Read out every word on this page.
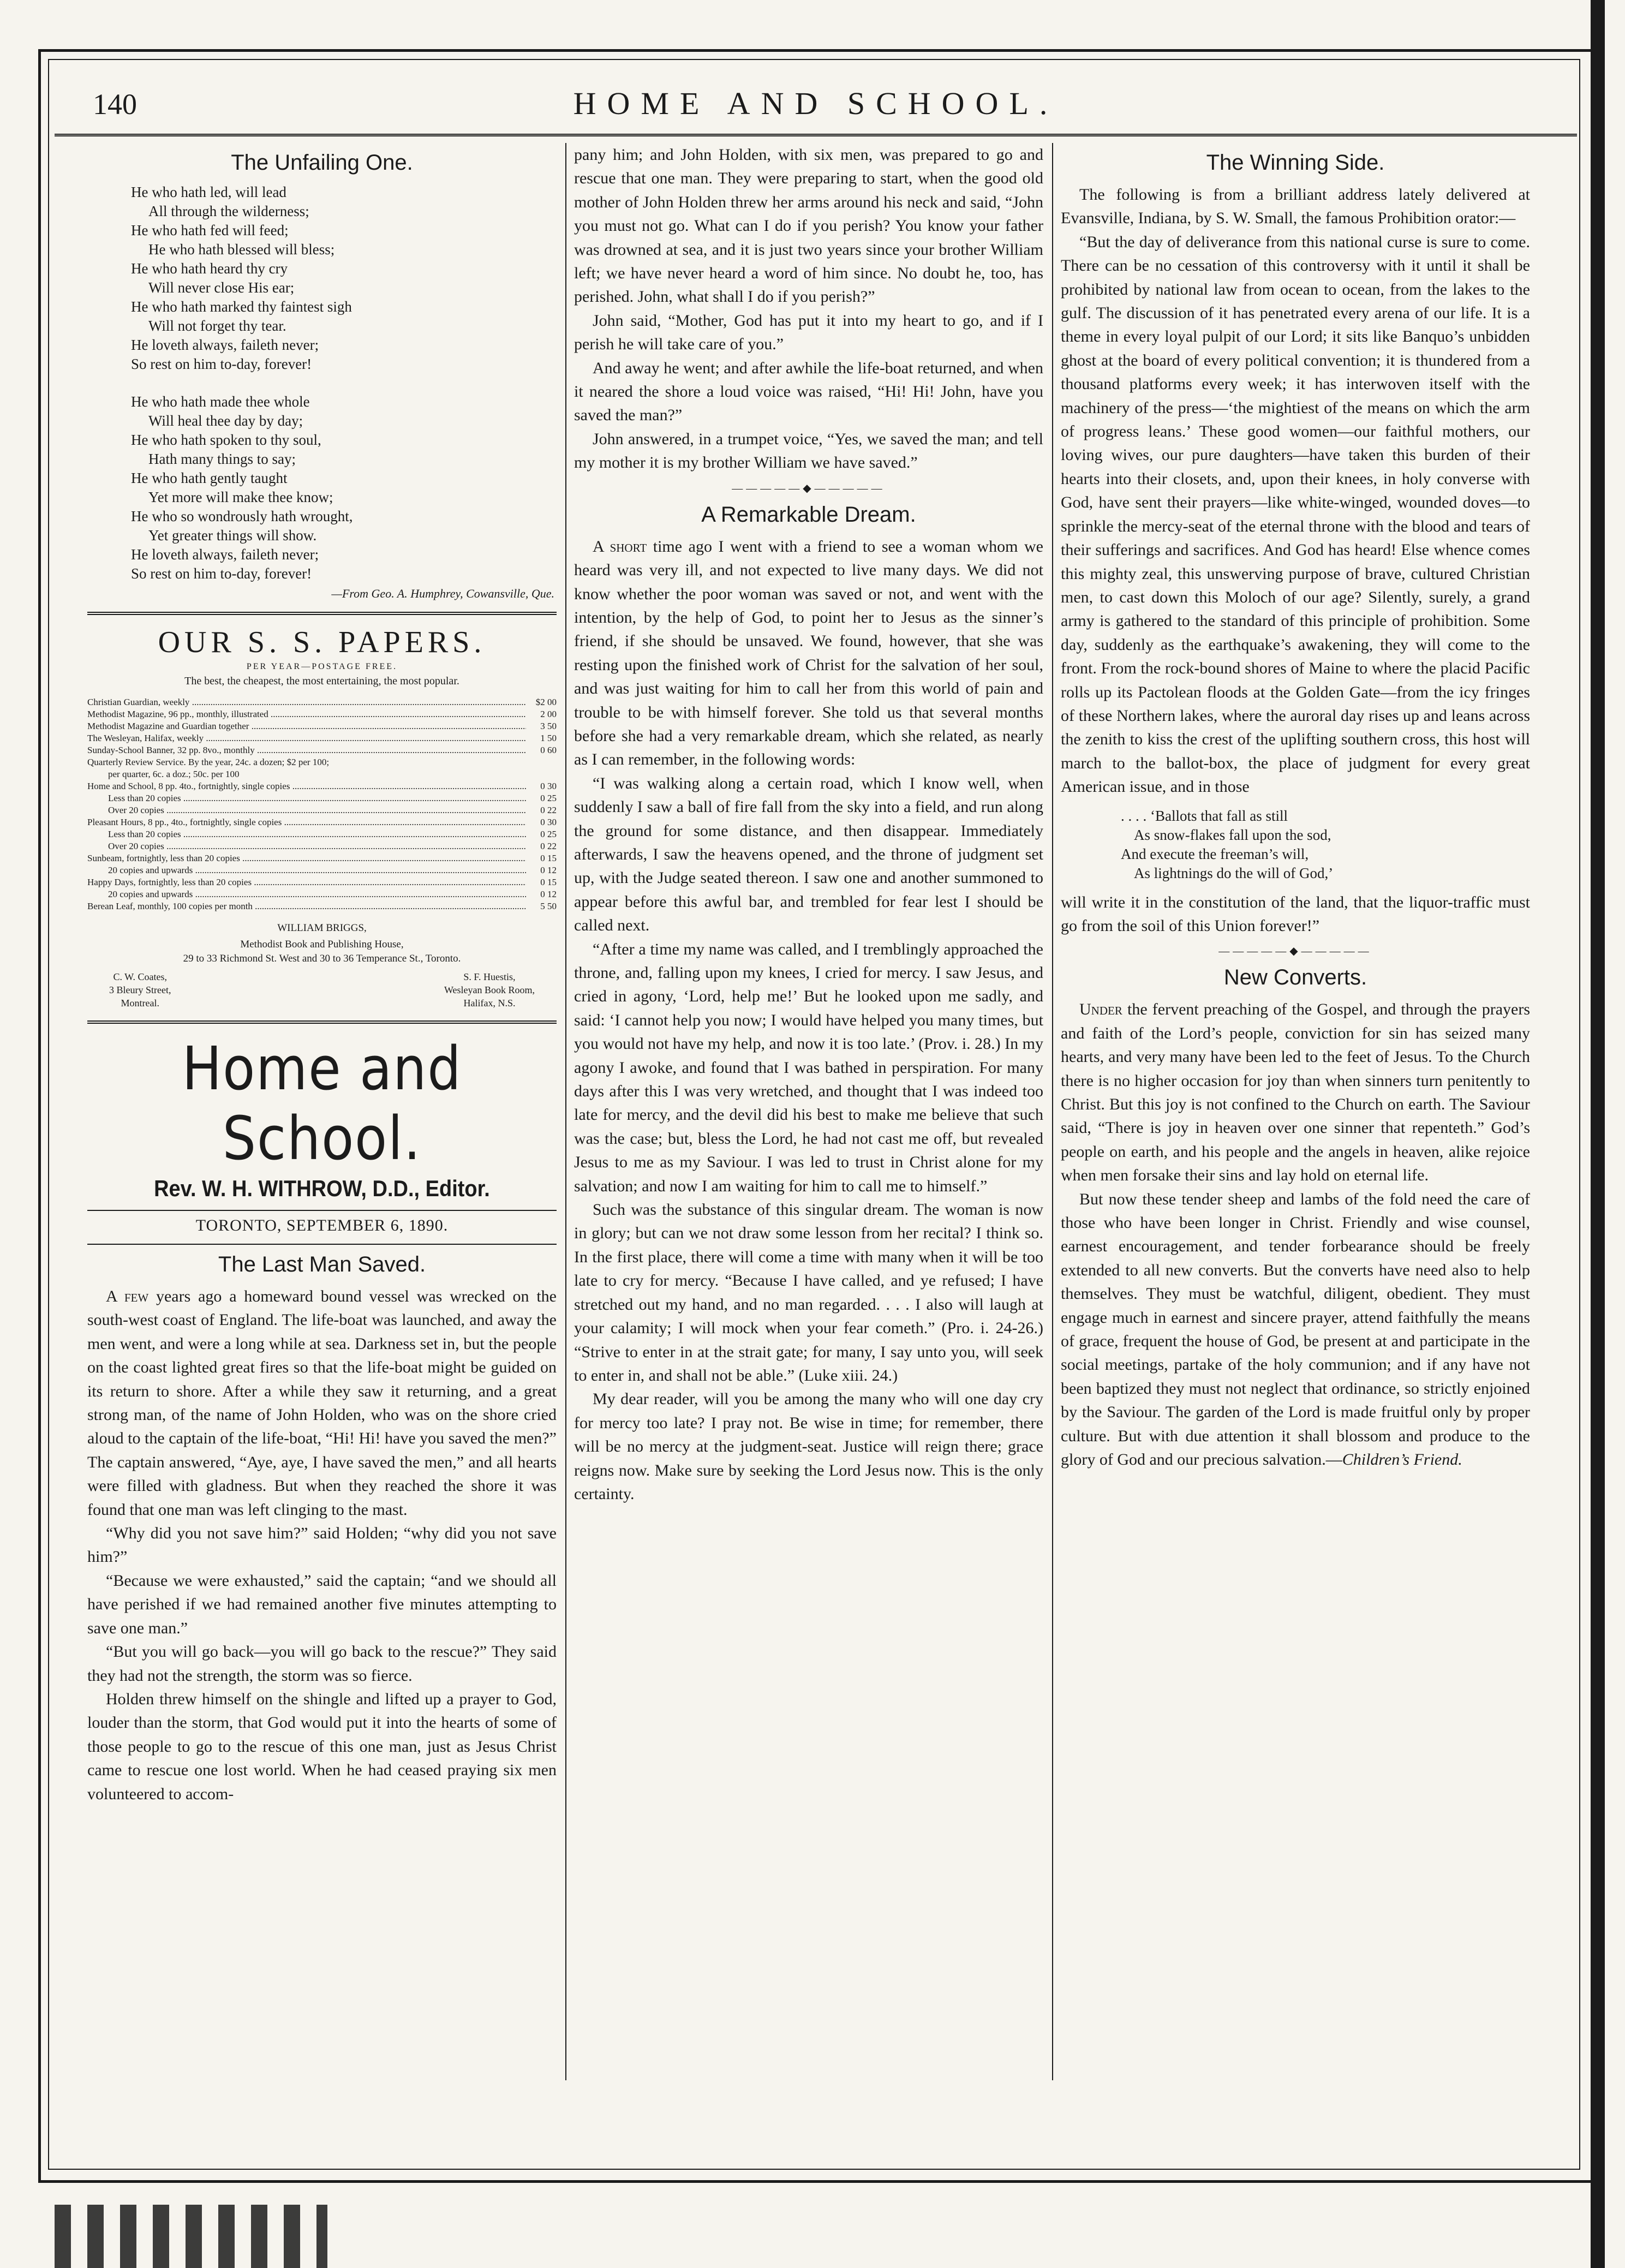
140	HOME AND SCHOOL.
The Unfailing One.
He who hath led, will lead
All through the wilderness;
He who hath fed will feed;
He who hath blessed will bless;
He who hath heard thy cry
Will never close His ear;
He who hath marked thy faintest sigh
Will not forget thy tear.
He loveth always, faileth never;
So rest on him to-day, forever!
He who hath made thee whole
Will heal thee day by day;
He who hath spoken to thy soul,
Hath many things to say;
He who hath gently taught
Yet more will make thee know;
He who so wondrously hath wrought,
Yet greater things will show.
He loveth always, faileth never;
So rest on him to-day, forever!
—From Geo. A. Humphrey, Cowansville, Que.
OUR S. S. PAPERS.
PER YEAR—POSTAGE FREE.
The best, the cheapest, the most entertaining, the most popular.
Christian Guardian, weekly .....	$2 00
Methodist Magazine, 96 pp., monthly, illustrated .....	2 00
Methodist Magazine and Guardian together .....	3 50
The Wesleyan, Halifax, weekly .....	1 50
Sunday-School Banner, 32 pp. 8vo., monthly .....	0 60
Quarterly Review Service. By the year, 24c. a dozen; $2 per 100;
per quarter, 6c. a doz.; 50c. per 100
Home and School, 8 pp. 4to., fortnightly, single copies .....	0 30
Less than 20 copies .....	0 25
Over 20 copies .....	0 22
Pleasant Hours, 8 pp., 4to., fortnightly, single copies .....	0 30
Less than 20 copies .....	0 25
Over 20 copies .....	0 22
Sunbeam, fortnightly, less than 20 copies .....	0 15
20 copies and upwards .....	0 12
Happy Days, fortnightly, less than 20 copies .....	0 15
20 copies and upwards .....	0 12
Berean Leaf, monthly, 100 copies per month .....	5 50
WILLIAM BRIGGS,
Methodist Book and Publishing House,
29 to 33 Richmond St. West and 30 to 36 Temperance St., Toronto.
C. W. Coates,
3 Bleury Street,
Montreal.
S. F. Huestis,
Wesleyan Book Room,
Halifax, N.S.
Home and School.
Rev. W. H. WITHROW, D.D., Editor.
TORONTO, SEPTEMBER 6, 1890.
The Last Man Saved.

A few years ago a homeward bound vessel was wrecked on the south-west coast of England. The life-boat was launched, and away the men went, and were a long while at sea. Darkness set in, but the people on the coast lighted great fires so that the life-boat might be guided on its return to shore. After a while they saw it returning, and a great strong man, of the name of John Holden, who was on the shore cried aloud to the captain of the life-boat, “Hi! Hi! have you saved the men?” The captain answered, “Aye, aye, I have saved the men,” and all hearts were filled with gladness. But when they reached the shore it was found that one man was left clinging to the mast.

“Why did you not save him?” said Holden; “why did you not save him?”

“Because we were exhausted,” said the captain; “and we should all have perished if we had remained another five minutes attempting to save one man.”

“But you will go back—you will go back to the rescue?” They said they had not the strength, the storm was so fierce.

Holden threw himself on the shingle and lifted up a prayer to God, louder than the storm, that God would put it into the hearts of some of those people to go to the rescue of this one man, just as Jesus Christ came to rescue one lost world. When he had ceased praying six men volunteered to accom-

pany him; and John Holden, with six men, was prepared to go and rescue that one man. They were preparing to start, when the good old mother of John Holden threw her arms around his neck and said, “John you must not go. What can I do if you perish? You know your father was drowned at sea, and it is just two years since your brother William left; we have never heard a word of him since. No doubt he, too, has perished. John, what shall I do if you perish?”

John said, “Mother, God has put it into my heart to go, and if I perish he will take care of you.”

And away he went; and after awhile the life-boat returned, and when it neared the shore a loud voice was raised, “Hi! Hi! John, have you saved the man?”

John answered, in a trumpet voice, “Yes, we saved the man; and tell my mother it is my brother William we have saved.”

―――――◆―――――
A Remarkable Dream.

A short time ago I went with a friend to see a woman whom we heard was very ill, and not expected to live many days. We did not know whether the poor woman was saved or not, and went with the intention, by the help of God, to point her to Jesus as the sinner’s friend, if she should be unsaved. We found, however, that she was resting upon the finished work of Christ for the salvation of her soul, and was just waiting for him to call her from this world of pain and trouble to be with himself forever. She told us that several months before she had a very remarkable dream, which she related, as nearly as I can remember, in the following words:

“I was walking along a certain road, which I know well, when suddenly I saw a ball of fire fall from the sky into a field, and run along the ground for some distance, and then disappear. Immediately afterwards, I saw the heavens opened, and the throne of judgment set up, with the Judge seated thereon. I saw one and another summoned to appear before this awful bar, and trembled for fear lest I should be called next.

“After a time my name was called, and I tremblingly approached the throne, and, falling upon my knees, I cried for mercy. I saw Jesus, and cried in agony, ‘Lord, help me!’ But he looked upon me sadly, and said: ‘I cannot help you now; I would have helped you many times, but you would not have my help, and now it is too late.’ (Prov. i. 28.) In my agony I awoke, and found that I was bathed in perspiration. For many days after this I was very wretched, and thought that I was indeed too late for mercy, and the devil did his best to make me believe that such was the case; but, bless the Lord, he had not cast me off, but revealed Jesus to me as my Saviour. I was led to trust in Christ alone for my salvation; and now I am waiting for him to call me to himself.”

Such was the substance of this singular dream. The woman is now in glory; but can we not draw some lesson from her recital? I think so. In the first place, there will come a time with many when it will be too late to cry for mercy. “Because I have called, and ye refused; I have stretched out my hand, and no man regarded. . . . I also will laugh at your calamity; I will mock when your fear cometh.” (Pro. i. 24-26.) “Strive to enter in at the strait gate; for many, I say unto you, will seek to enter in, and shall not be able.” (Luke xiii. 24.)

My dear reader, will you be among the many who will one day cry for mercy too late? I pray not. Be wise in time; for remember, there will be no mercy at the judgment-seat. Justice will reign there; grace reigns now. Make sure by seeking the Lord Jesus now. This is the only certainty.

The Winning Side.

The following is from a brilliant address lately delivered at Evansville, Indiana, by S. W. Small, the famous Prohibition orator:—

“But the day of deliverance from this national curse is sure to come. There can be no cessation of this controversy with it until it shall be prohibited by national law from ocean to ocean, from the lakes to the gulf. The discussion of it has penetrated every arena of our life. It is a theme in every loyal pulpit of our Lord; it sits like Banquo’s unbidden ghost at the board of every political convention; it is thundered from a thousand platforms every week; it has interwoven itself with the machinery of the press—‘the mightiest of the means on which the arm of progress leans.’ These good women—our faithful mothers, our loving wives, our pure daughters—have taken this burden of their hearts into their closets, and, upon their knees, in holy converse with God, have sent their prayers—like white-winged, wounded doves—to sprinkle the mercy-seat of the eternal throne with the blood and tears of their sufferings and sacrifices. And God has heard! Else whence comes this mighty zeal, this unswerving purpose of brave, cultured Christian men, to cast down this Moloch of our age? Silently, surely, a grand army is gathered to the standard of this principle of prohibition. Some day, suddenly as the earthquake’s awakening, they will come to the front. From the rock-bound shores of Maine to where the placid Pacific rolls up its Pactolean floods at the Golden Gate—from the icy fringes of these Northern lakes, where the auroral day rises up and leans across the zenith to kiss the crest of the uplifting southern cross, this host will march to the ballot-box, the place of judgment for every great American issue, and in those

. . . . ‘Ballots that fall as still
As snow-flakes fall upon the sod,
And execute the freeman’s will,
As lightnings do the will of God,’

will write it in the constitution of the land, that the liquor-traffic must go from the soil of this Union forever!”

―――――◆―――――
New Converts.

Under the fervent preaching of the Gospel, and through the prayers and faith of the Lord’s people, conviction for sin has seized many hearts, and very many have been led to the feet of Jesus. To the Church there is no higher occasion for joy than when sinners turn penitently to Christ. But this joy is not confined to the Church on earth. The Saviour said, “There is joy in heaven over one sinner that repenteth.” God’s people on earth, and his people and the angels in heaven, alike rejoice when men forsake their sins and lay hold on eternal life.

But now these tender sheep and lambs of the fold need the care of those who have been longer in Christ. Friendly and wise counsel, earnest encouragement, and tender forbearance should be freely extended to all new converts. But the converts have need also to help themselves. They must be watchful, diligent, obedient. They must engage much in earnest and sincere prayer, attend faithfully the means of grace, frequent the house of God, be present at and participate in the social meetings, partake of the holy communion; and if any have not been baptized they must not neglect that ordinance, so strictly enjoined by the Saviour. The garden of the Lord is made fruitful only by proper culture. But with due attention it shall blossom and produce to the glory of God and our precious salvation.—Children’s Friend.
